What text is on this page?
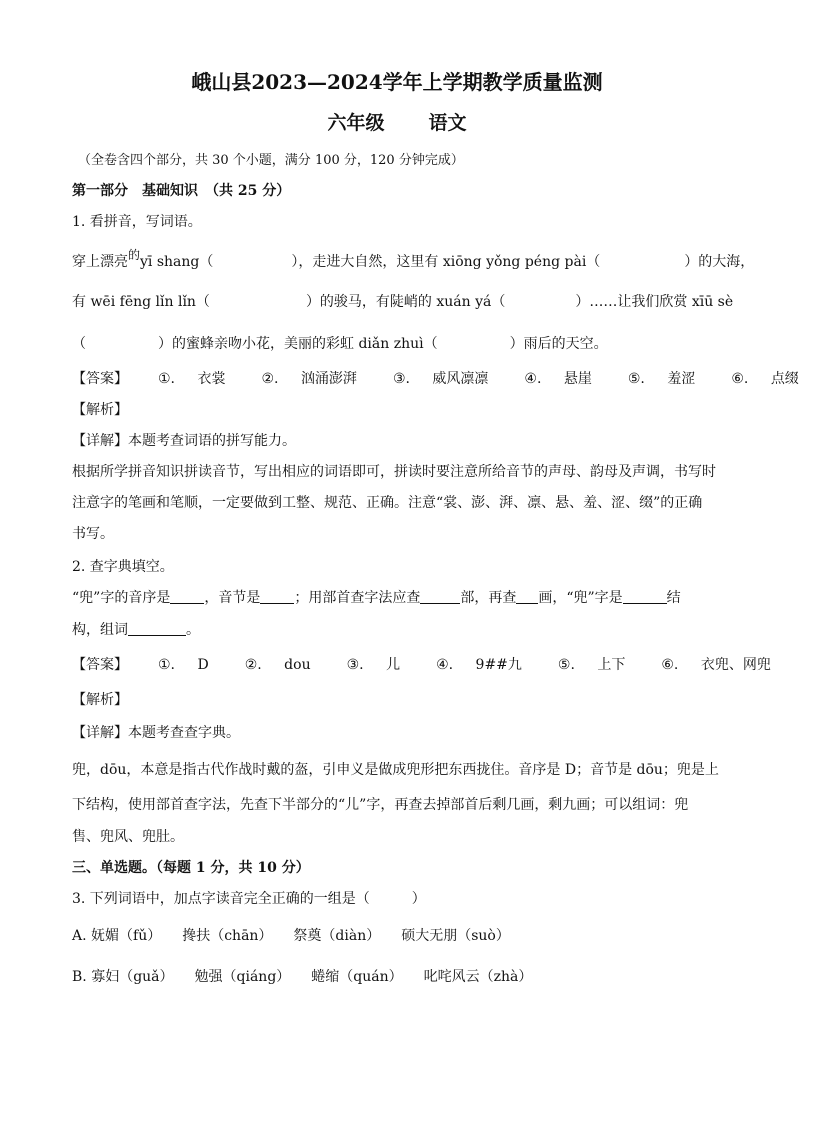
峨山县2023—2024学年上学期教学质量监测
六年级 语文
（全卷含四个部分，共 30 个小题，满分 100 分，120 分钟完成）
第一部分　基础知识　（共 25 分）
1. 看拼音，写词语。
穿上漂亮的yī shang（	），走进大自然，这里有 xiōng yǒng péng pài（	）的大海，
有 wēi fēng lǐn lǐn（	）的骏马，有陡峭的 xuán yá（	）……让我们欣赏 xīū sè
（	）的蜜蜂亲吻小花，美丽的彩虹 diǎn zhuì（	）雨后的天空。
【答案】 ①. 衣裳	②. 汹涌澎湃	③. 威风凛凛	④. 悬崖	⑤. 羞涩	⑥. 点缀
【解析】
【详解】本题考查词语的拼写能力。
根据所学拼音知识拼读音节，写出相应的词语即可，拼读时要注意所给音节的声母、韵母及声调，书写时
注意字的笔画和笔顺，一定要做到工整、规范、正确。注意“裳、澎、湃、凛、悬、羞、涩、缀”的正确
书写。
2. 查字典填空。
“兜”字的音序是 ，音节是 ；用部首查字法应查	部，再查 画，“兜”字是	结
构，组词	。
【答案】 ①. D	②. dou	③. 儿	④. 9##九	⑤. 上下	⑥. 衣兜、网兜
【解析】
【详解】本题考查查字典。
兜，dōu，本意是指古代作战时戴的盔，引申义是做成兜形把东西拢住。音序是 D；音节是 dōu；兜是上
下结构，使用部首查字法，先查下半部分的“儿”字，再查去掉部首后剩几画，剩九画；可以组词：兜
售、兜风、兜肚。
三、单选题。（每题 1 分，共 10 分）
3. 下列词语中，加点字读音完全正确的一组是（　　　）
A. 妩媚（fǔ）　　搀扶（chān）　　祭奠（diàn）　　硕大无朋（suò）
B. 寡妇（guǎ）　　勉强（qiáng）　　蜷缩（quán）　　叱咤风云（zhà）
